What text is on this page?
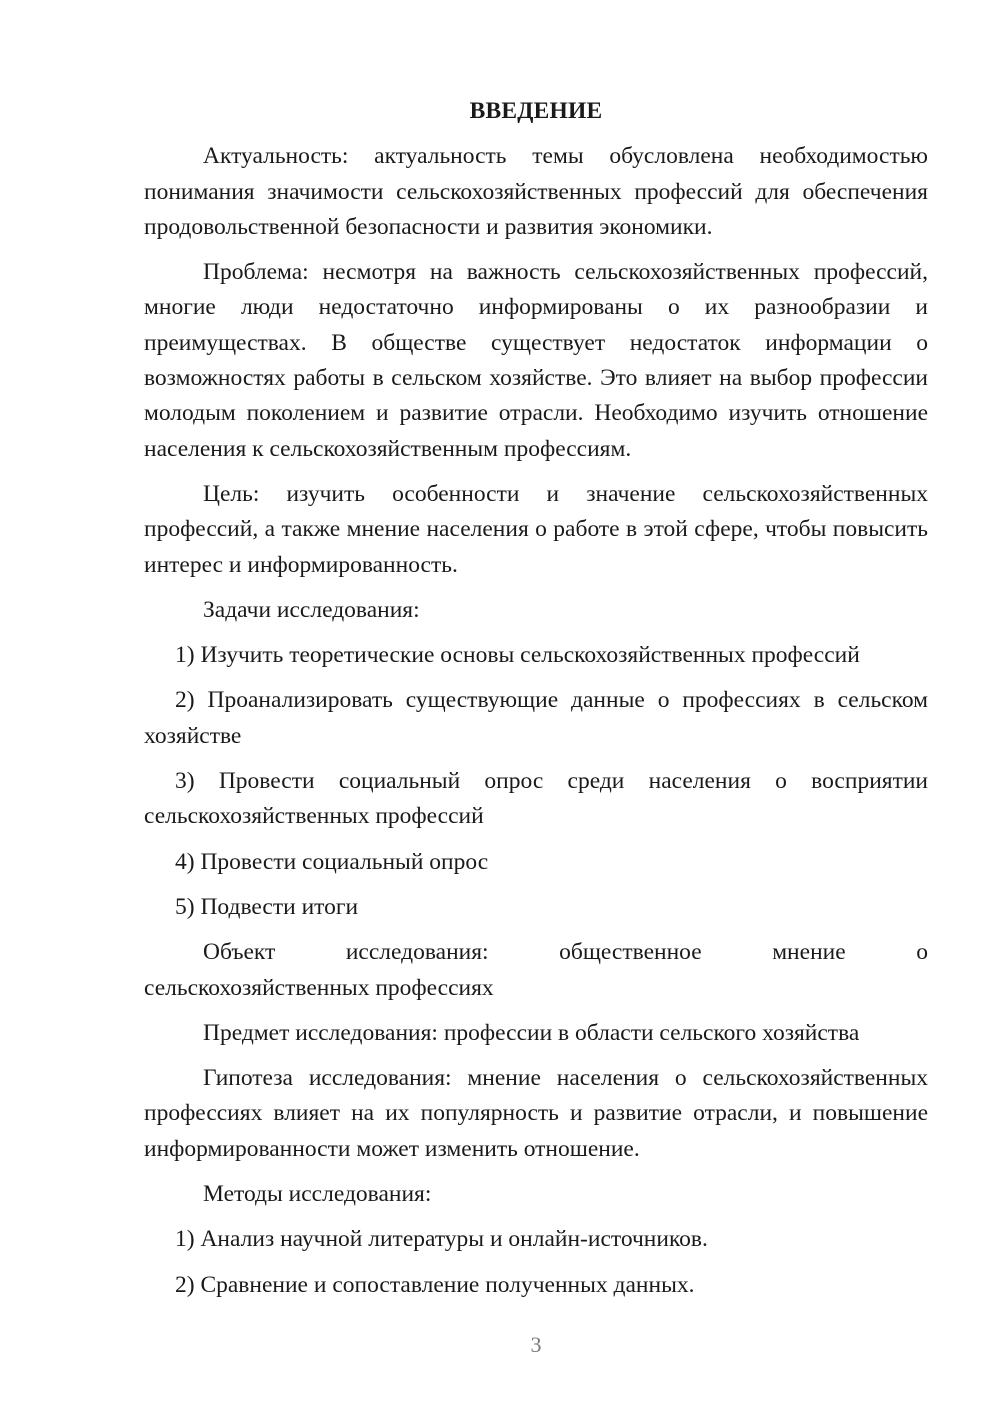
ВВЕДЕНИЕ

Актуальность: актуальность темы обусловлена необходимостью понимания значимости сельскохозяйственных профессий для обеспечения продовольственной безопасности и развития экономики.

Проблема: несмотря на важность сельскохозяйственных профессий, многие люди недостаточно информированы о их разнообразии и преимуществах. В обществе существует недостаток информации о возможностях работы в сельском хозяйстве. Это влияет на выбор профессии молодым поколением и развитие отрасли. Необходимо изучить отношение населения к сельскохозяйственным профессиям.

Цель: изучить особенности и значение сельскохозяйственных профессий, а также мнение населения о работе в этой сфере, чтобы повысить интерес и информированность.

Задачи исследования:

1) Изучить теоретические основы сельскохозяйственных профессий

2) Проанализировать существующие данные о профессиях в сельском хозяйстве

3) Провести социальный опрос среди населения о восприятии сельскохозяйственных профессий

4) Провести социальный опрос

5) Подвести итоги

Объект	исследования:	общественное	мнение	о
сельскохозяйственных профессиях

Предмет исследования: профессии в области сельского хозяйства

Гипотеза исследования: мнение населения о сельскохозяйственных профессиях влияет на их популярность и развитие отрасли, и повышение информированности может изменить отношение.

Методы исследования:

1) Анализ научной литературы и онлайн-источников.

2) Сравнение и сопоставление полученных данных.

3
